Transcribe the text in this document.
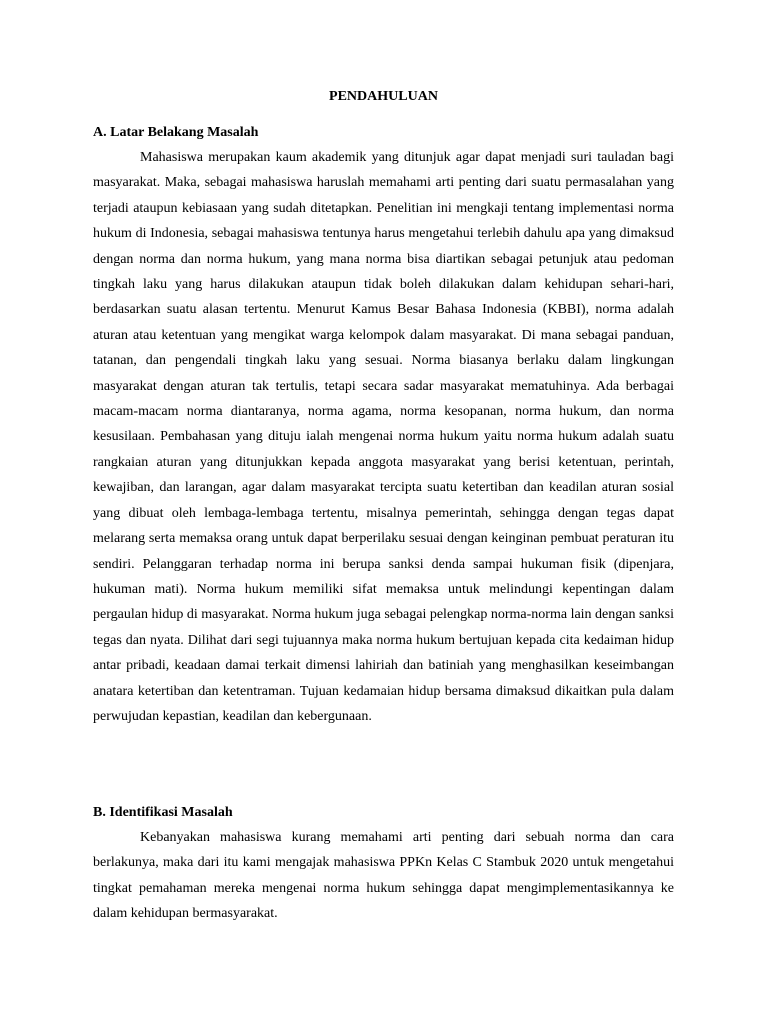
PENDAHULUAN
A. Latar Belakang Masalah

Mahasiswa merupakan kaum akademik yang ditunjuk agar dapat menjadi suri tauladan bagi masyarakat. Maka, sebagai mahasiswa haruslah memahami arti penting dari suatu permasalahan yang terjadi ataupun kebiasaan yang sudah ditetapkan. Penelitian ini mengkaji tentang implementasi norma hukum di Indonesia, sebagai mahasiswa tentunya harus mengetahui terlebih dahulu apa yang dimaksud dengan norma dan norma hukum, yang mana norma bisa diartikan sebagai petunjuk atau pedoman tingkah laku yang harus dilakukan ataupun tidak boleh dilakukan dalam kehidupan sehari-hari, berdasarkan suatu alasan tertentu. Menurut Kamus Besar Bahasa Indonesia (KBBI), norma adalah aturan atau ketentuan yang mengikat warga kelompok dalam masyarakat. Di mana sebagai panduan, tatanan, dan pengendali tingkah laku yang sesuai. Norma biasanya berlaku dalam lingkungan masyarakat dengan aturan tak tertulis, tetapi secara sadar masyarakat mematuhinya. Ada berbagai macam-macam norma diantaranya, norma agama, norma kesopanan, norma hukum, dan norma kesusilaan. Pembahasan yang dituju ialah mengenai norma hukum yaitu norma hukum adalah suatu rangkaian aturan yang ditunjukkan kepada anggota masyarakat yang berisi ketentuan, perintah, kewajiban, dan larangan, agar dalam masyarakat tercipta suatu ketertiban dan keadilan aturan sosial yang dibuat oleh lembaga-lembaga tertentu, misalnya pemerintah, sehingga dengan tegas dapat melarang serta memaksa orang untuk dapat berperilaku sesuai dengan keinginan pembuat peraturan itu sendiri. Pelanggaran terhadap norma ini berupa sanksi denda sampai hukuman fisik (dipenjara, hukuman mati). Norma hukum memiliki sifat memaksa untuk melindungi kepentingan dalam pergaulan hidup di masyarakat. Norma hukum juga sebagai pelengkap norma-norma lain dengan sanksi tegas dan nyata. Dilihat dari segi tujuannya maka norma hukum bertujuan kepada cita kedaiman hidup antar pribadi, keadaan damai terkait dimensi lahiriah dan batiniah yang menghasilkan keseimbangan anatara ketertiban dan ketentraman. Tujuan kedamaian hidup bersama dimaksud dikaitkan pula dalam perwujudan kepastian, keadilan dan kebergunaan.

B. Identifikasi Masalah

Kebanyakan mahasiswa kurang memahami arti penting dari sebuah norma dan cara berlakunya, maka dari itu kami mengajak mahasiswa PPKn Kelas C Stambuk 2020 untuk mengetahui tingkat pemahaman mereka mengenai norma hukum sehingga dapat mengimplementasikannya ke dalam kehidupan bermasyarakat.
